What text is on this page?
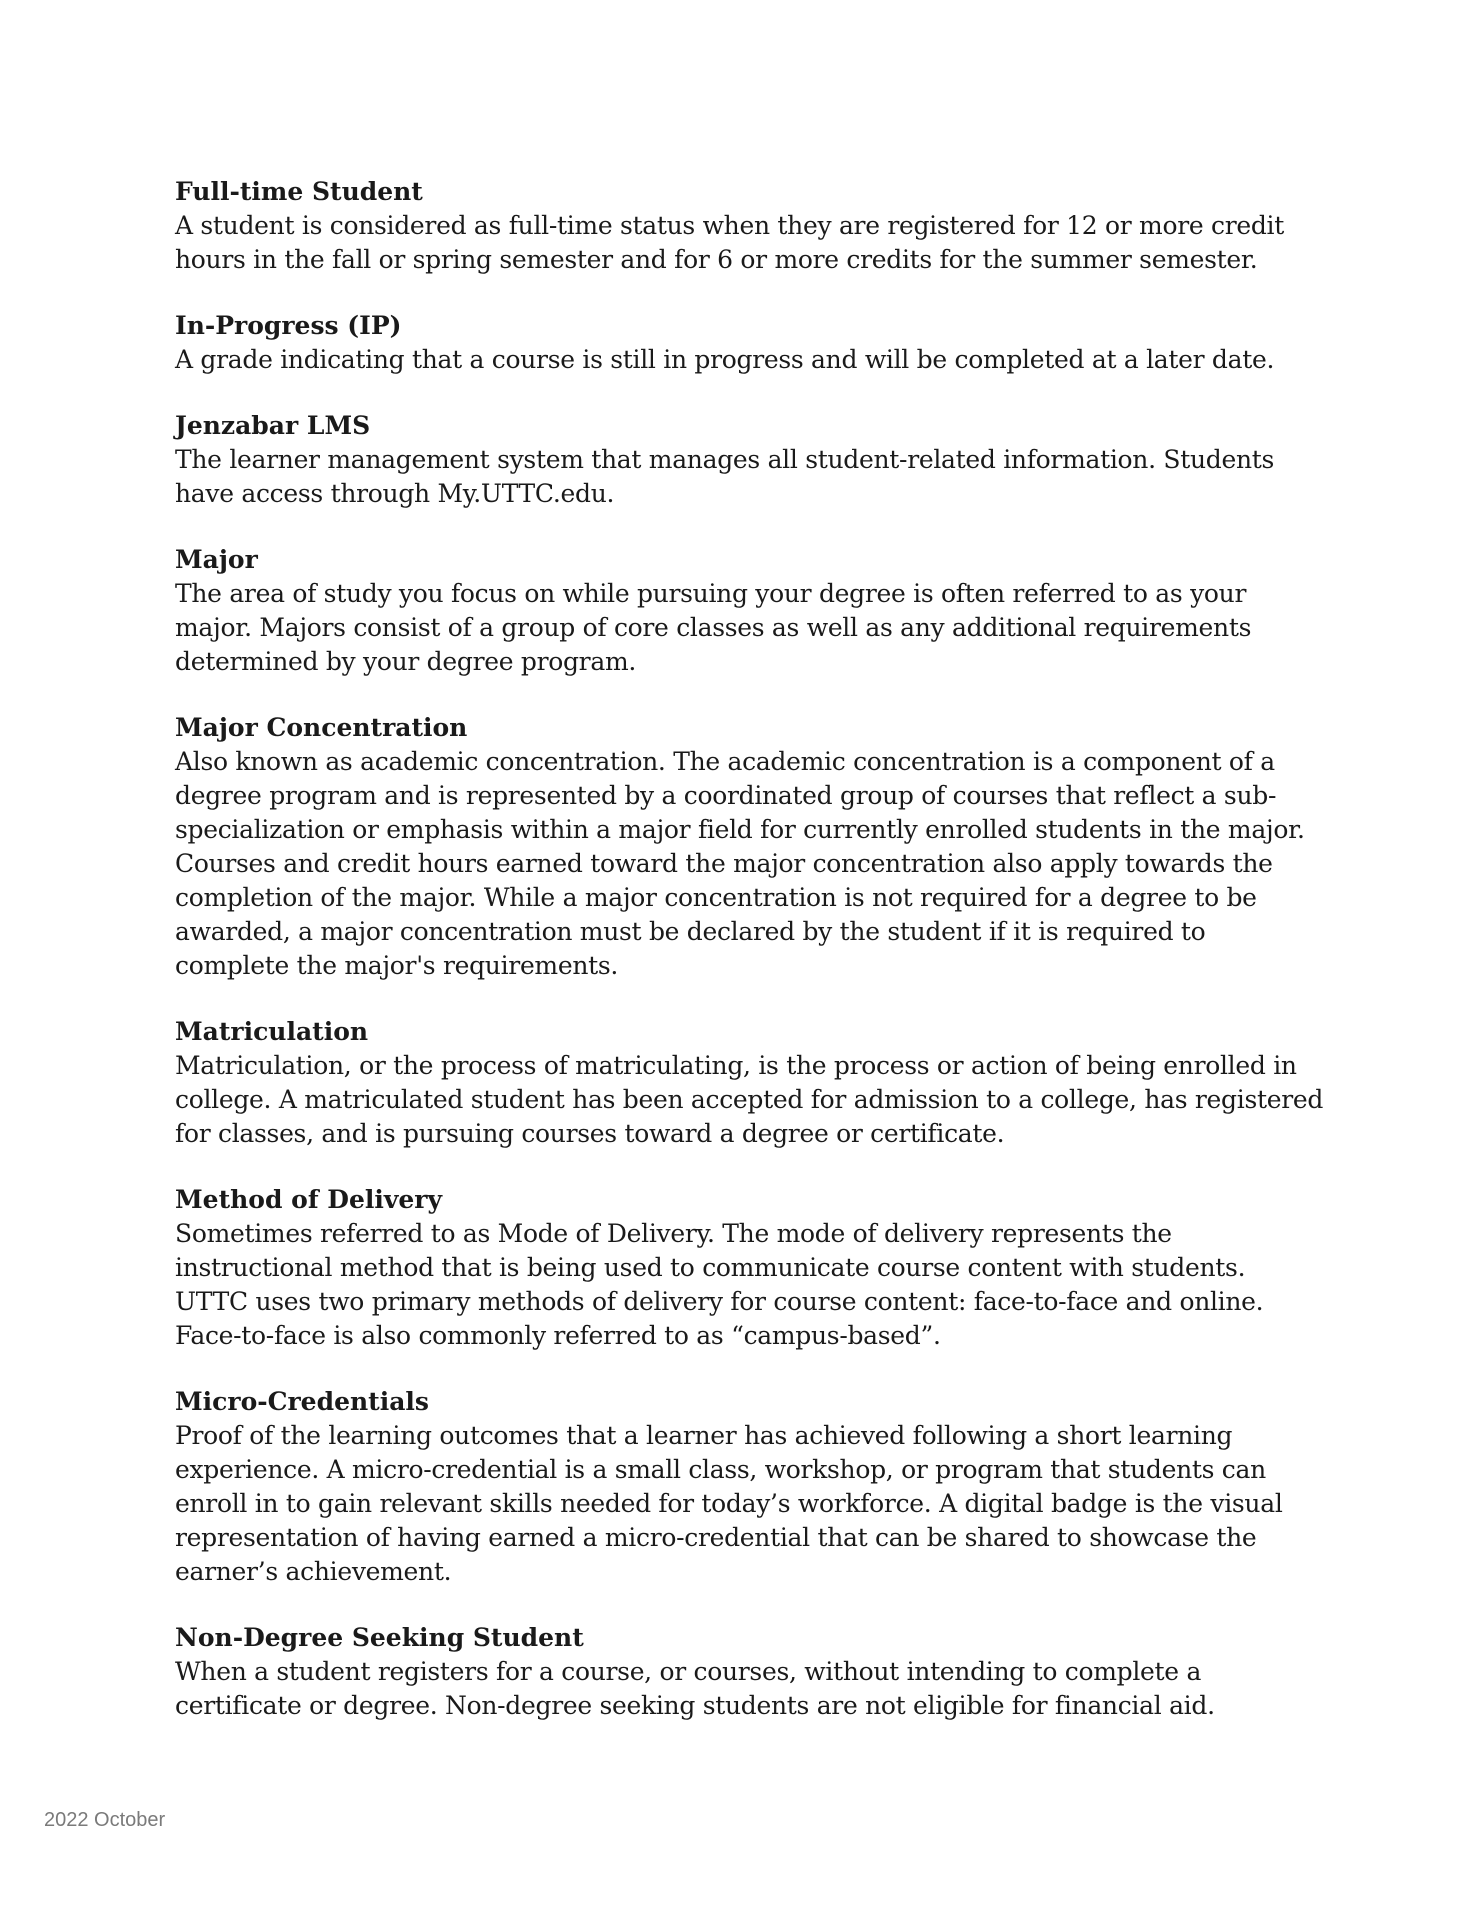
Full-time Student

A student is considered as full-time status when they are registered for 12 or more credit
hours in the fall or spring semester and for 6 or more credits for the summer semester.

In-Progress (IP)

A grade indicating that a course is still in progress and will be completed at a later date.

Jenzabar LMS

The learner management system that manages all student-related information. Students
have access through My.UTTC.edu.

Major

The area of study you focus on while pursuing your degree is often referred to as your
major. Majors consist of a group of core classes as well as any additional requirements
determined by your degree program.

Major Concentration

Also known as academic concentration. The academic concentration is a component of a
degree program and is represented by a coordinated group of courses that reflect a sub-
specialization or emphasis within a major field for currently enrolled students in the major.
Courses and credit hours earned toward the major concentration also apply towards the
completion of the major. While a major concentration is not required for a degree to be
awarded, a major concentration must be declared by the student if it is required to
complete the major's requirements.

Matriculation

Matriculation, or the process of matriculating, is the process or action of being enrolled in
college. A matriculated student has been accepted for admission to a college, has registered
for classes, and is pursuing courses toward a degree or certificate.

Method of Delivery

Sometimes referred to as Mode of Delivery. The mode of delivery represents the
instructional method that is being used to communicate course content with students.
UTTC uses two primary methods of delivery for course content: face-to-face and online.
Face-to-face is also commonly referred to as “campus-based”.

Micro-Credentials

Proof of the learning outcomes that a learner has achieved following a short learning
experience. A micro-credential is a small class, workshop, or program that students can
enroll in to gain relevant skills needed for today’s workforce. A digital badge is the visual
representation of having earned a micro-credential that can be shared to showcase the
earner’s achievement.

Non-Degree Seeking Student

When a student registers for a course, or courses, without intending to complete a
certificate or degree. Non-degree seeking students are not eligible for financial aid.

2022 October
